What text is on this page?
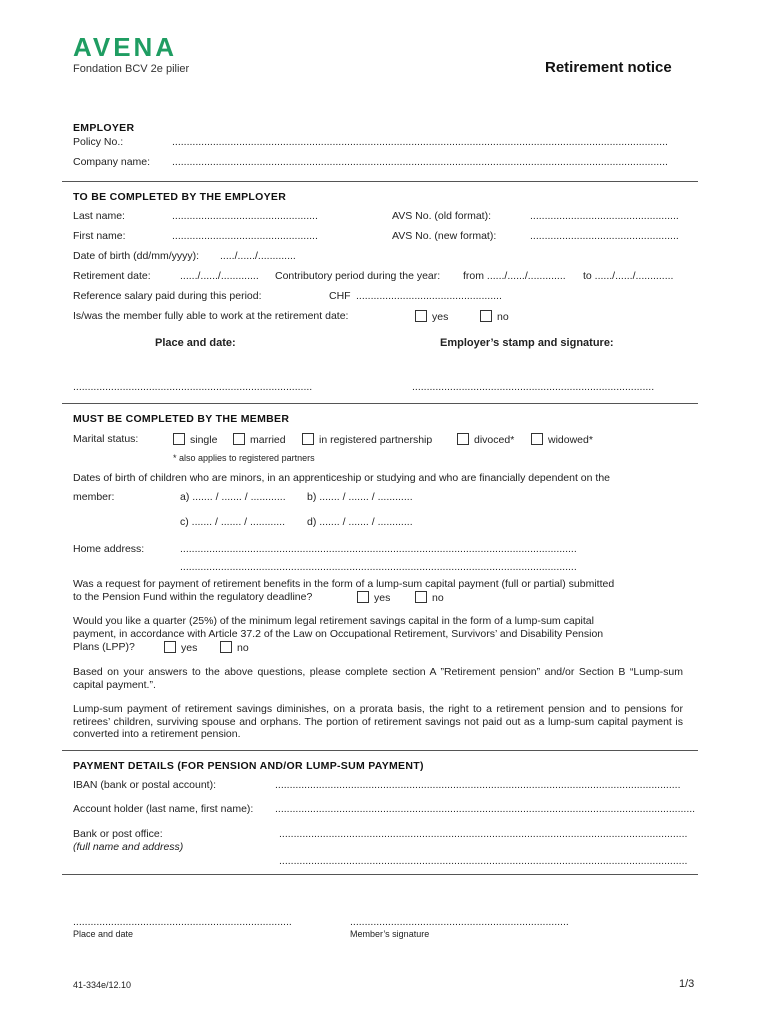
AVENA
Fondation BCV 2e pilier	Retirement notice
EMPLOYER
Policy No.:	..........................................................................................................................................................................
Company name: ..........................................................................................................................................................................
TO BE COMPLETED BY THE EMPLOYER
Last name:	..................................................	AVS No. (old format):	...................................................
First name:	..................................................	AVS No. (new format):	...................................................
Date of birth (dd/mm/yyyy): ...../....../.............
Retirement date:	....../....../............. Contributory period during the year: from ....../....../............. to ....../....../.............
Reference salary paid during this period:	CHF ..................................................
Is/was the member fully able to work at the retirement date:	yes	no
Place and date:	Employer’s stamp and signature:
..................................................................................	...................................................................................
MUST BE COMPLETED BY THE MEMBER
Marital status:	single	married	in registered partnership	divoced*	widowed*
* also applies to registered partners
Dates of birth of children who are minors, in an apprenticeship or studying and who are financially dependent on the
member:	a) ....... / ....... / ............ b) ....... / ....... / ............
c) ....... / ....... / ............ d) ....... / ....... / ............
Home address:	........................................................................................................................................
........................................................................................................................................
Was a request for payment of retirement benefits in the form of a lump-sum capital payment (full or partial) submitted
to the Pension Fund within the regulatory deadline?	yes	no
Would you like a quarter (25%) of the minimum legal retirement savings capital in the form of a lump-sum capital
payment, in accordance with Article 37.2 of the Law on Occupational Retirement, Survivors’ and Disability Pension
Plans (LPP)?	yes	no
Based on your answers to the above questions, please complete section A ”Retirement pension” and/or Section B “Lump-sum capital payment.”.
Lump-sum payment of retirement savings diminishes, on a prorata basis, the right to a retirement pension and to pensions for retirees’ children, surviving spouse and orphans. The portion of retirement savings not paid out as a lump-sum capital payment is converted into a retirement pension.
PAYMENT DETAILS (FOR PENSION AND/OR LUMP-SUM PAYMENT)
IBAN (bank or postal account):	...........................................................................................................................................
Account holder (last name, first name): ................................................................................................................................................
Bank or post office:
(full name and address)
............................................................................................................................................
............................................................................................................................................
...........................................................................
Place and date
...........................................................................
Member’s signature
41-334e/12.10	1/3
